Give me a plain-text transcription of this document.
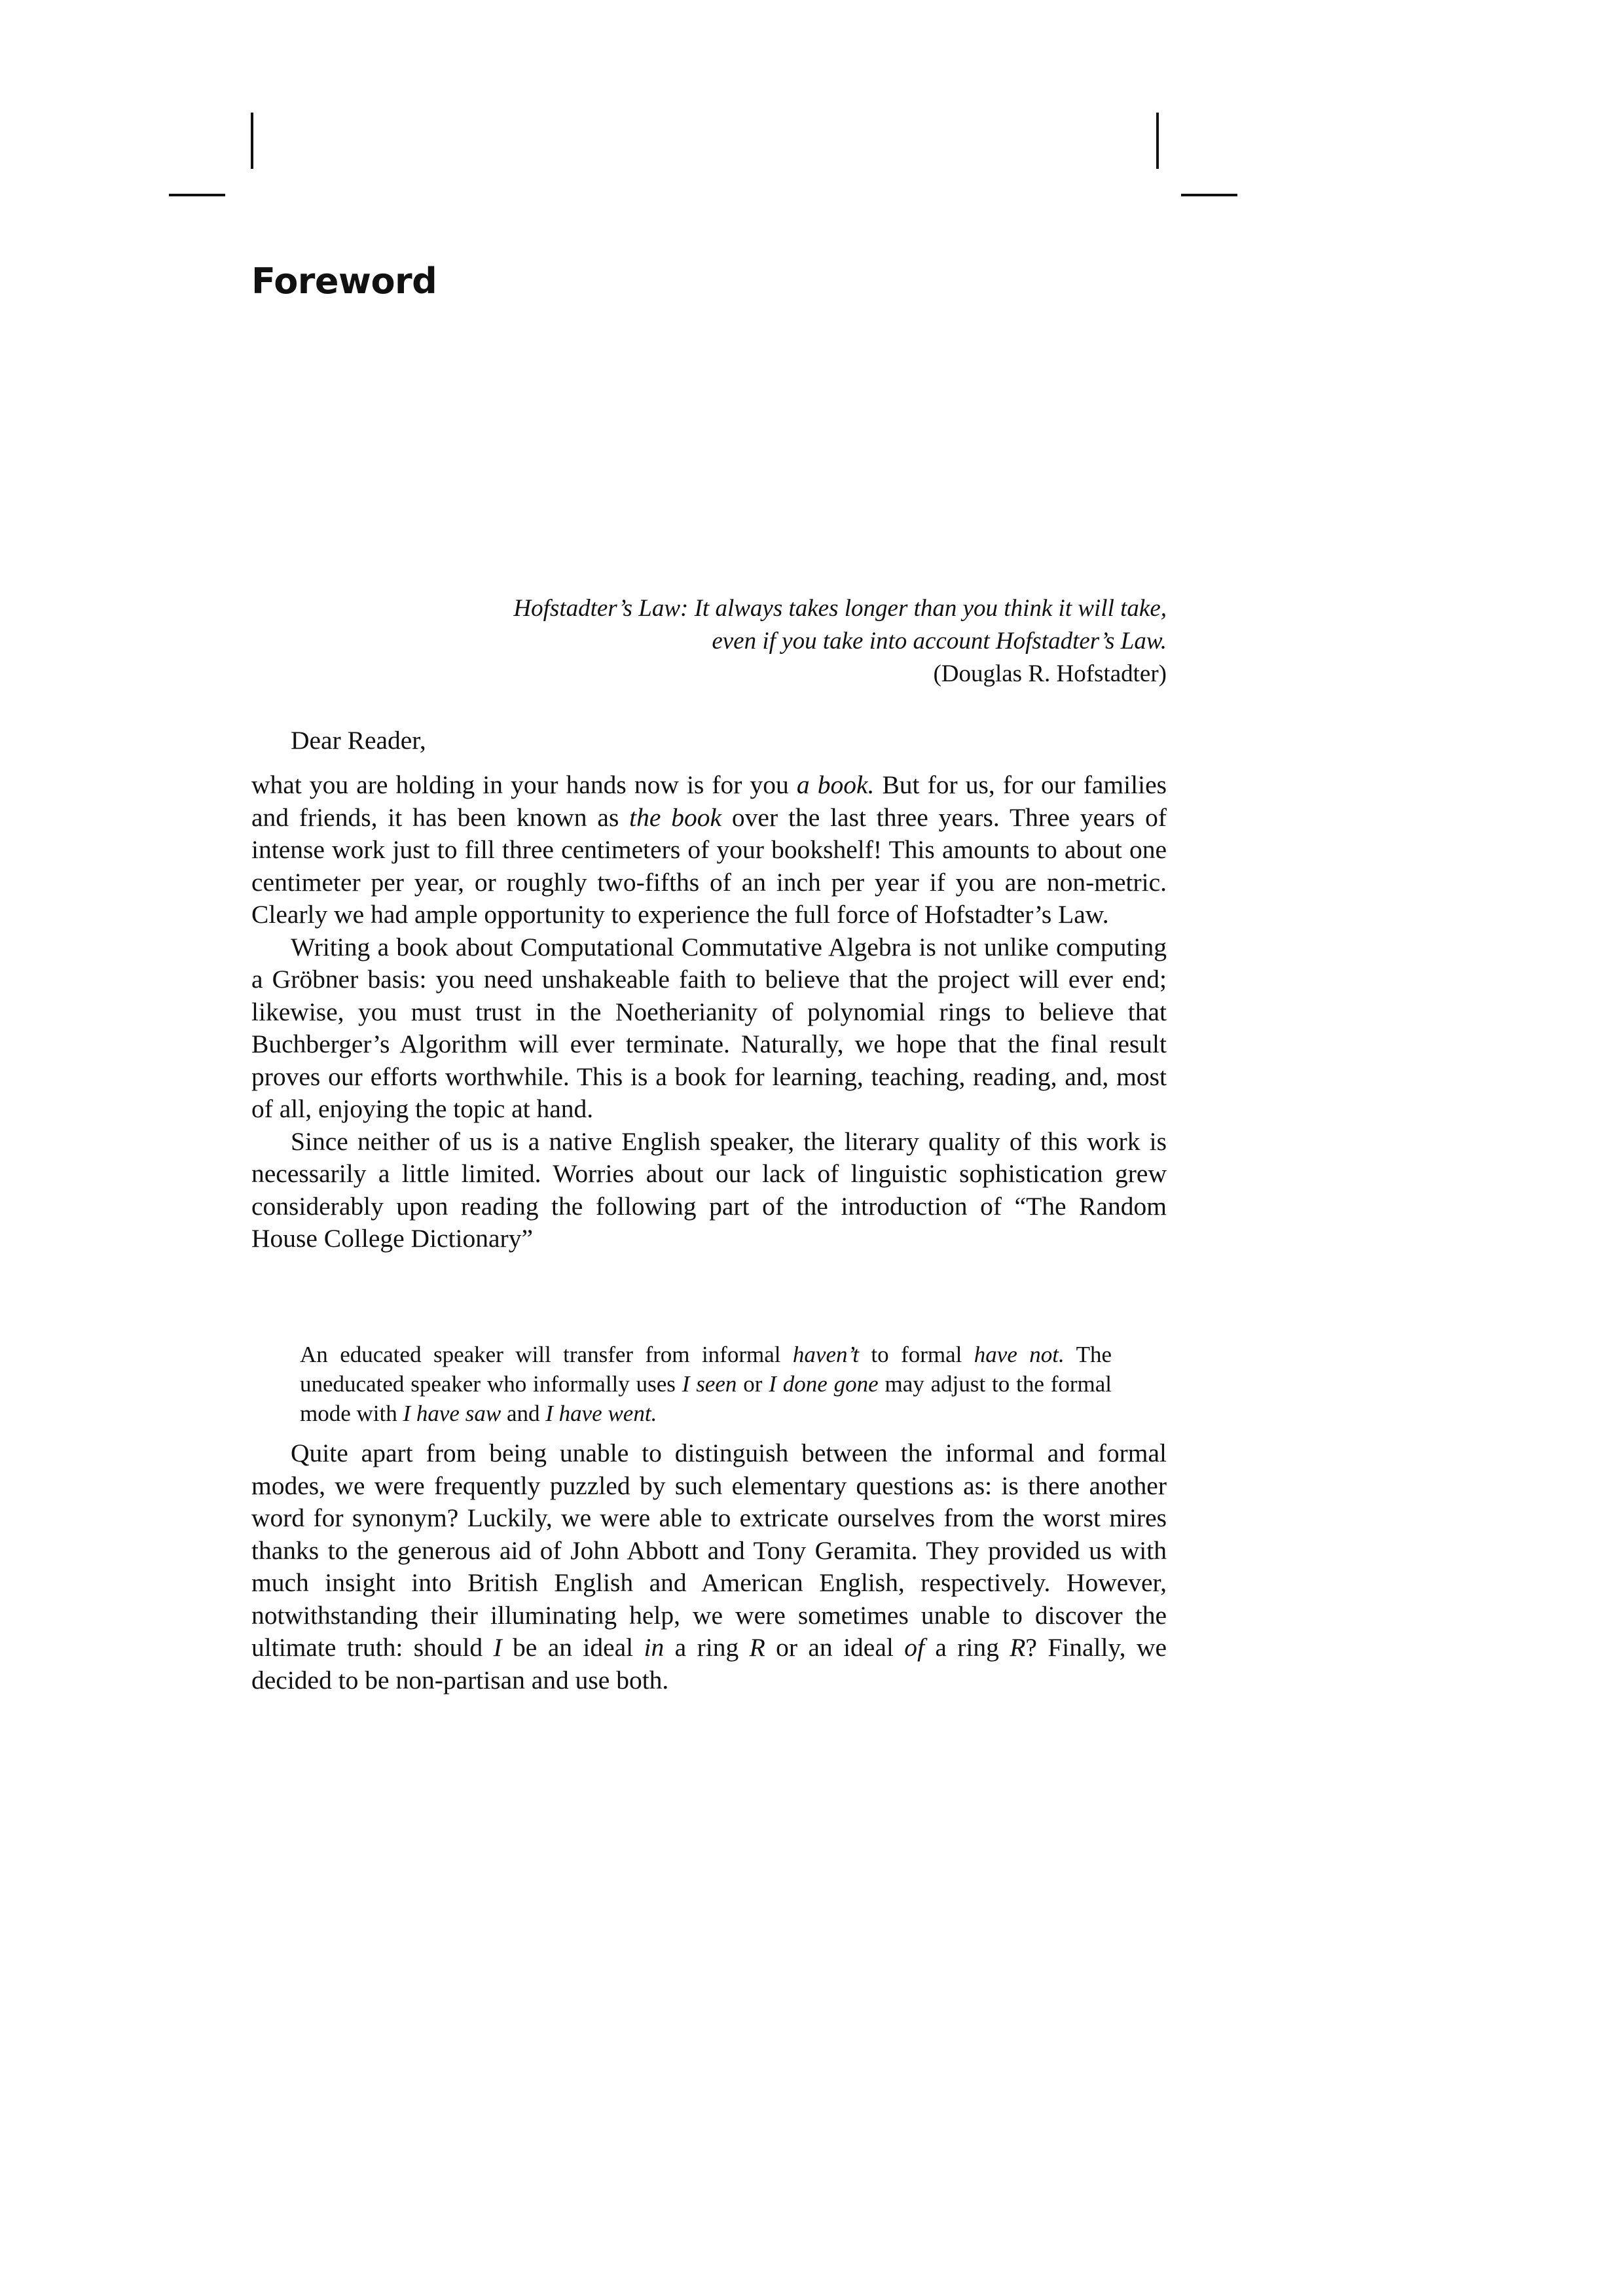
Foreword
Hofstadter’s Law: It always takes longer than you think it will take,
even if you take into account Hofstadter’s Law.
(Douglas R. Hofstadter)
Dear Reader,

what you are holding in your hands now is for you a book. But for us, for our families and friends, it has been known as the book over the last three years. Three years of intense work just to fill three centimeters of your bookshelf! This amounts to about one centimeter per year, or roughly two-fifths of an inch per year if you are non-metric. Clearly we had ample opportunity to experience the full force of Hofstadter’s Law.

Writing a book about Computational Commutative Algebra is not unlike computing a Gröbner basis: you need unshakeable faith to believe that the project will ever end; likewise, you must trust in the Noetherianity of polynomial rings to believe that Buchberger’s Algorithm will ever terminate. Naturally, we hope that the final result proves our efforts worthwhile. This is a book for learning, teaching, reading, and, most of all, enjoying the topic at hand.

Since neither of us is a native English speaker, the literary quality of this work is necessarily a little limited. Worries about our lack of linguistic sophistication grew considerably upon reading the following part of the introduction of “The Random House College Dictionary”

An educated speaker will transfer from informal haven’t to formal have not. The uneducated speaker who informally uses I seen or I done gone may adjust to the formal mode with I have saw and I have went.

Quite apart from being unable to distinguish between the informal and formal modes, we were frequently puzzled by such elementary questions as: is there another word for synonym? Luckily, we were able to extricate ourselves from the worst mires thanks to the generous aid of John Abbott and Tony Geramita. They provided us with much insight into British English and American English, respectively. However, notwithstanding their illuminating help, we were sometimes unable to discover the ultimate truth: should I be an ideal in a ring R or an ideal of a ring R? Finally, we decided to be non-partisan and use both.
